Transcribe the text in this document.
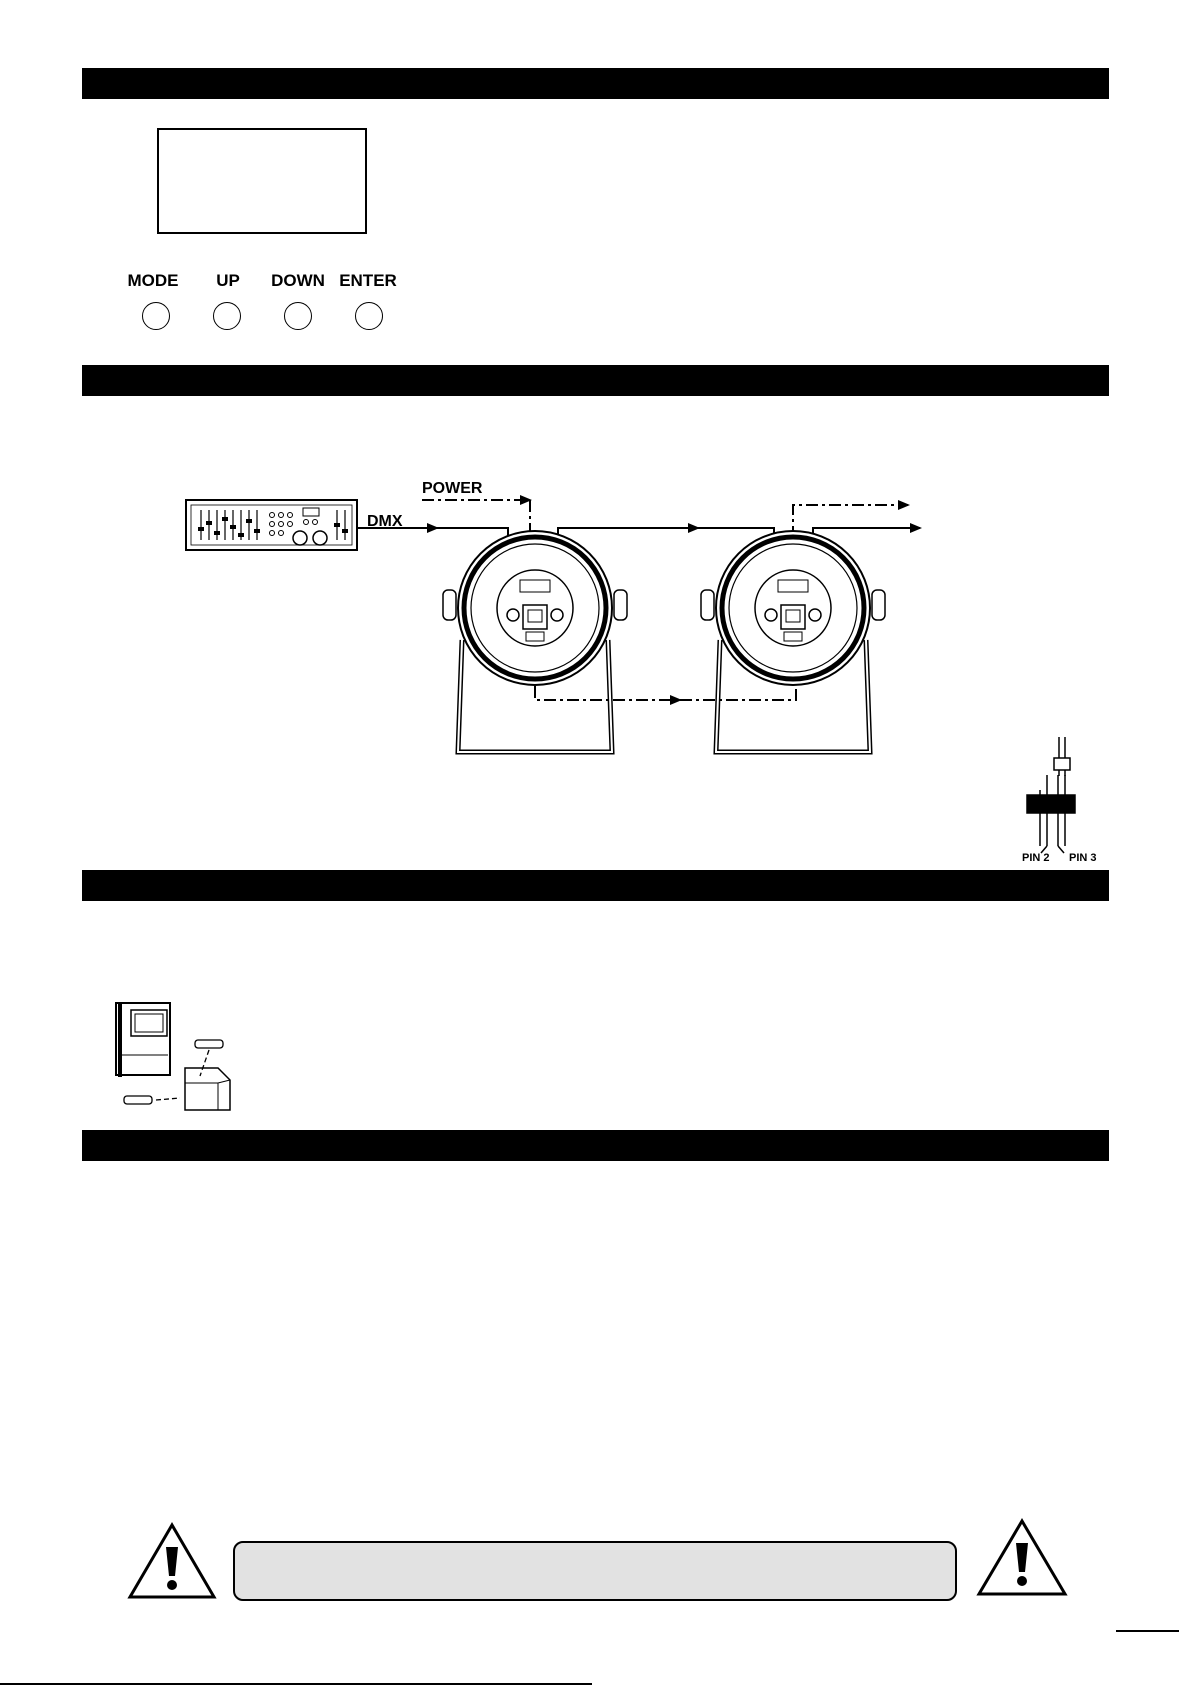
MODE	UP	DOWN ENTER
POWER
DMX
PIN 2 PIN 3
